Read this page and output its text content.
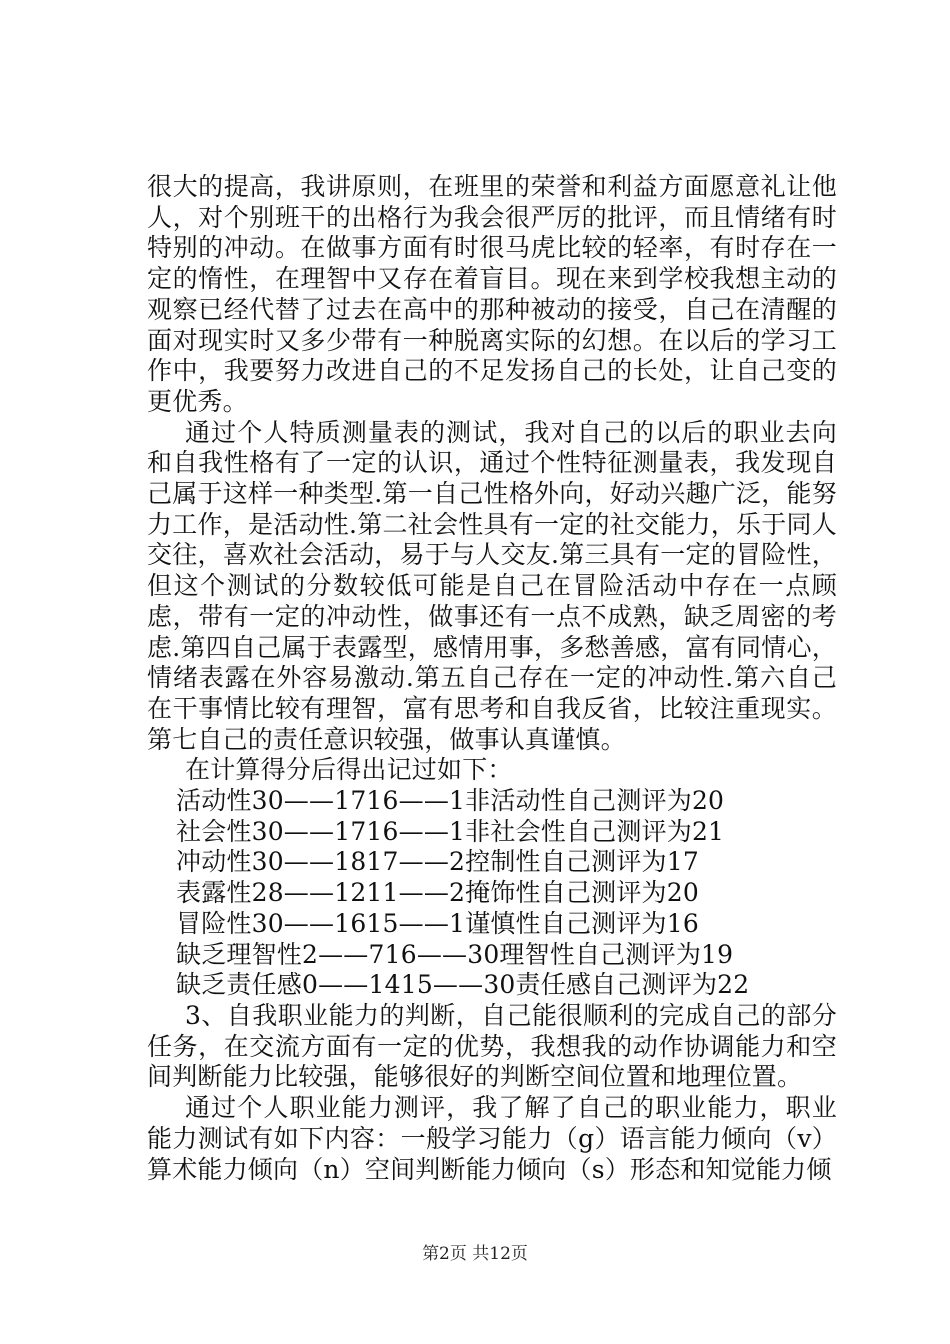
很大的提高，我讲原则，在班里的荣誉和利益方面愿意礼让他人，对个别班干的出格行为我会很严厉的批评，而且情绪有时特别的冲动。在做事方面有时很马虎比较的轻率，有时存在一定的惰性，在理智中又存在着盲目。现在来到学校我想主动的观察已经代替了过去在高中的那种被动的接受，自己在清醒的面对现实时又多少带有一种脱离实际的幻想。在以后的学习工作中，我要努力改进自己的不足发扬自己的长处，让自己变的更优秀。

通过个人特质测量表的测试，我对自己的以后的职业去向和自我性格有了一定的认识，通过个性特征测量表，我发现自己属于这样一种类型.第一自己性格外向，好动兴趣广泛，能努力工作，是活动性.第二社会性具有一定的社交能力，乐于同人交往，喜欢社会活动，易于与人交友.第三具有一定的冒险性，但这个测试的分数较低可能是自己在冒险活动中存在一点顾虑，带有一定的冲动性，做事还有一点不成熟，缺乏周密的考虑.第四自己属于表露型，感情用事，多愁善感，富有同情心，情绪表露在外容易激动.第五自己存在一定的冲动性.第六自己在干事情比较有理智，富有思考和自我反省，比较注重现实。第七自己的责任意识较强，做事认真谨慎。

在计算得分后得出记过如下：

活动性30——1716——1非活动性自己测评为20

社会性30——1716——1非社会性自己测评为21

冲动性30——1817——2控制性自己测评为17

表露性28——1211——2掩饰性自己测评为20

冒险性30——1615——1谨慎性自己测评为16

缺乏理智性2——716——30理智性自己测评为19

缺乏责任感0——1415——30责任感自己测评为22

3、自我职业能力的判断，自己能很顺利的完成自己的部分任务，在交流方面有一定的优势，我想我的动作协调能力和空间判断能力比较强，能够很好的判断空间位置和地理位置。

通过个人职业能力测评，我了解了自己的职业能力，职业能力测试有如下内容：一般学习能力（g）语言能力倾向（v）算术能力倾向（n）空间判断能力倾向（s）形态和知觉能力倾

第2页 共12页
